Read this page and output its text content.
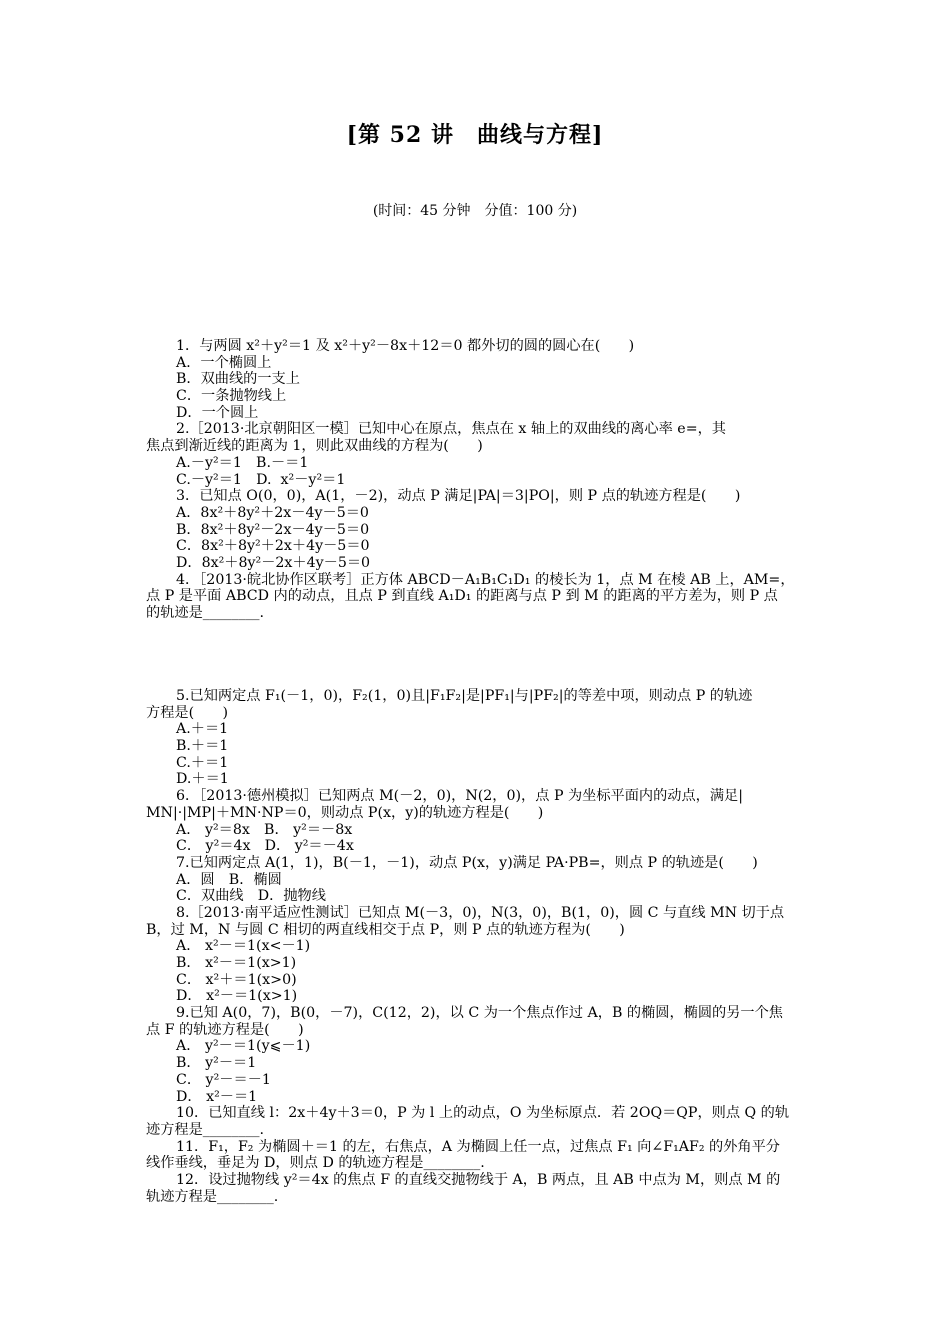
[第 52 讲　曲线与方程]
(时间：45 分钟　分值：100 分)
1．与两圆 x²＋y²＝1 及 x²＋y²－8x＋12＝0 都外切的圆的圆心在(　　)
A．一个椭圆上
B．双曲线的一支上
C．一条抛物线上
D．一个圆上
2.［2013·北京朝阳区一模］已知中心在原点，焦点在 x 轴上的双曲线的离心率 e=，其
焦点到渐近线的距离为 1，则此双曲线的方程为(　　)
A.－y²＝1　B.－＝1
C.－y²＝1　D.  x²－y²＝1
3．已知点 O(0，0)，A(1，－2)，动点 P 满足|PA|＝3|PO|，则 P 点的轨迹方程是(　　)
A．8x²＋8y²＋2x－4y－5＝0
B．8x²＋8y²－2x－4y－5＝0
C．8x²＋8y²＋2x＋4y－5＝0
D．8x²＋8y²－2x＋4y－5＝0
4．［2013·皖北协作区联考］正方体 ABCD－A₁B₁C₁D₁ 的棱长为 1，点 M 在棱 AB 上，AM=，
点 P 是平面 ABCD 内的动点，且点 P 到直线 A₁D₁ 的距离与点 P 到 M 的距离的平方差为，则 P 点
的轨迹是________.
5.已知两定点 F₁(－1，0)，F₂(1，0)且|F₁F₂|是|PF₁|与|PF₂|的等差中项，则动点 P 的轨迹
方程是(　　)
A.＋＝1
B.＋＝1
C.＋＝1
D.＋＝1
6．［2013·德州模拟］已知两点 M(－2，0)，N(2，0)，点 P 为坐标平面内的动点，满足|
MN|·|MP|＋MN·NP＝0，则动点 P(x，y)的轨迹方程是(　　)
A． y²＝8x　B． y²＝－8x
C． y²＝4x　D． y²＝－4x
7.已知两定点 A(1，1)，B(－1，－1)，动点 P(x，y)满足 PA·PB=，则点 P 的轨迹是(　　)
A．圆　B．椭圆
C．双曲线　D．抛物线
8.［2013·南平适应性测试］已知点 M(－3，0)，N(3，0)，B(1，0)，圆 C 与直线 MN 切于点
B，过 M，N 与圆 C 相切的两直线相交于点 P，则 P 点的轨迹方程为(　　)
A． x²－＝1(x<－1)
B． x²－＝1(x>1)
C． x²＋＝1(x>0)
D． x²－＝1(x>1)
9.已知 A(0，7)，B(0，－7)，C(12，2)，以 C 为一个焦点作过 A，B 的椭圆，椭圆的另一个焦
点 F 的轨迹方程是(　　)
A． y²－＝1(y⩽－1)
B． y²－＝1
C． y²－＝－1
D． x²－＝1
10．已知直线 l：2x＋4y＋3＝0，P 为 l 上的动点，O 为坐标原点．若 2OQ＝QP，则点 Q 的轨
迹方程是________.
11．F₁，F₂ 为椭圆＋＝1 的左，右焦点，A 为椭圆上任一点，过焦点 F₁ 向∠F₁AF₂ 的外角平分
线作垂线，垂足为 D，则点 D 的轨迹方程是________.
12．设过抛物线 y²＝4x 的焦点 F 的直线交抛物线于 A，B 两点，且 AB 中点为 M，则点 M 的
轨迹方程是________.
